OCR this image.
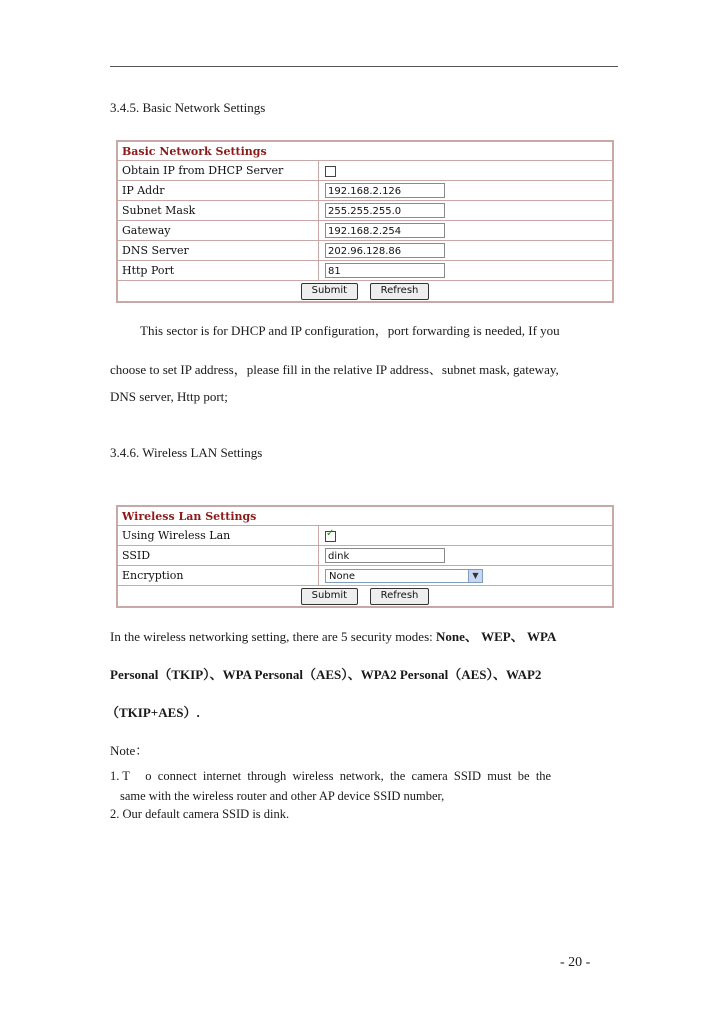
3.4.5. Basic Network Settings
Basic Network Settings	
Obtain IP from DHCP Server	
IP Addr	192.168.2.126
Subnet Mask	255.255.255.0
Gateway	192.168.2.254
DNS Server	202.96.128.86
Http Port	81
Submit Refresh	
This sector is for DHCP and IP configuration，port forwarding is needed, If you
choose to set IP address，please fill in the relative IP address、subnet mask, gateway,
DNS server, Http port;
3.4.6. Wireless LAN Settings
Wireless Lan Settings	
Using Wireless Lan	✓
SSID	dink
Encryption	None ▼

Submit Refresh	
In the wireless networking setting, there are 5 security modes: None、 WEP、 WPA
Personal（TKIP）、WPA Personal（AES）、WPA2 Personal（AES）、WAP2
（TKIP+AES）.
Note：
1. T     o  connect  internet  through  wireless  network,  the  camera  SSID  must  be  the
same with the wireless router and other AP device SSID number,
2. Our default camera SSID is dink.
- 20 -
